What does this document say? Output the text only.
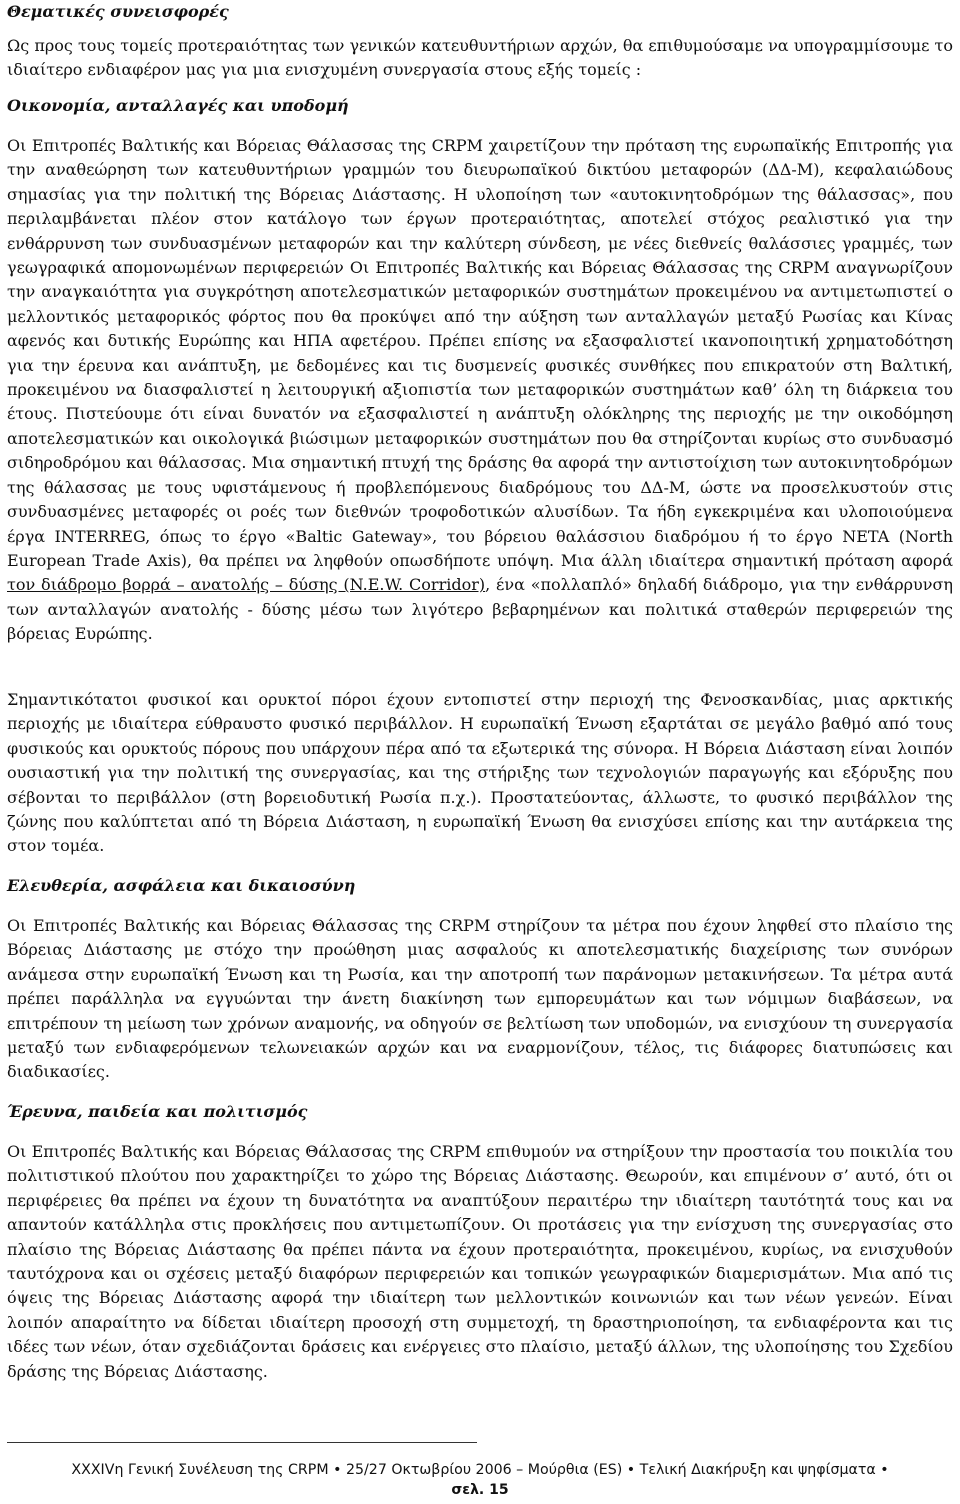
Θεματικές συνεισφορές

Ως προς τους τομείς προτεραιότητας των γενικών κατευθυντήριων αρχών, θα επιθυμούσαμε να υπογραμμίσουμε το ιδιαίτερο ενδιαφέρον μας για μια ενισχυμένη συνεργασία στους εξής τομείς :

Οικονομία, ανταλλαγές και υποδομή

Οι Επιτροπές Βαλτικής και Βόρειας Θάλασσας της CRPM χαιρετίζουν την πρόταση της ευρωπαϊκής Επιτροπής για την αναθεώρηση των κατευθυντήριων γραμμών του διευρωπαϊκού δικτύου μεταφορών (ΔΔ-Μ), κεφαλαιώδους σημασίας για την πολιτική της Βόρειας Διάστασης. Η υλοποίηση των «αυτοκινητοδρόμων της θάλασσας», που περιλαμβάνεται πλέον στον κατάλογο των έργων προτεραιότητας, αποτελεί στόχος ρεαλιστικό για την ενθάρρυνση των συνδυασμένων μεταφορών και την καλύτερη σύνδεση, με νέες διεθνείς θαλάσσιες γραμμές, των γεωγραφικά απομονωμένων περιφερειών Οι Επιτροπές Βαλτικής και Βόρειας Θάλασσας της CRPM αναγνωρίζουν την αναγκαιότητα για συγκρότηση αποτελεσματικών μεταφορικών συστημάτων προκειμένου να αντιμετωπιστεί ο μελλοντικός μεταφορικός φόρτος που θα προκύψει από την αύξηση των ανταλλαγών μεταξύ Ρωσίας και Κίνας αφενός και δυτικής Ευρώπης και ΗΠΑ αφετέρου. Πρέπει επίσης να εξασφαλιστεί ικανοποιητική χρηματοδότηση για την έρευνα και ανάπτυξη, με δεδομένες και τις δυσμενείς φυσικές συνθήκες που επικρατούν στη Βαλτική, προκειμένου να διασφαλιστεί η λειτουργική αξιοπιστία των μεταφορικών συστημάτων καθ’ όλη τη διάρκεια του έτους. Πιστεύουμε ότι είναι δυνατόν να εξασφαλιστεί η ανάπτυξη ολόκληρης της περιοχής με την οικοδόμηση αποτελεσματικών και οικολογικά βιώσιμων μεταφορικών συστημάτων που θα στηρίζονται κυρίως στο συνδυασμό σιδηροδρόμου και θάλασσας. Μια σημαντική πτυχή της δράσης θα αφορά την αντιστοίχιση των αυτοκινητοδρόμων της θάλασσας με τους υφιστάμενους ή προβλεπόμενους διαδρόμους του ΔΔ-Μ, ώστε να προσελκυστούν στις συνδυασμένες μεταφορές οι ροές των διεθνών τροφοδοτικών αλυσίδων. Τα ήδη εγκεκριμένα και υλοποιούμενα έργα INTERREG, όπως το έργο «Baltic Gateway», του βόρειου θαλάσσιου διαδρόμου ή το έργο NETA (North European Trade Axis), θα πρέπει να ληφθούν οπωσδήποτε υπόψη. Μια άλλη ιδιαίτερα σημαντική πρόταση αφορά τον διάδρομο βορρά – ανατολής – δύσης (N.E.W. Corridor), ένα «πολλαπλό» δηλαδή διάδρομο, για την ενθάρρυνση των ανταλλαγών ανατολής - δύσης μέσω των λιγότερο βεβαρημένων και πολιτικά σταθερών περιφερειών της βόρειας Ευρώπης.

Σημαντικότατοι φυσικοί και ορυκτοί πόροι έχουν εντοπιστεί στην περιοχή της Φενοσκανδίας, μιας αρκτικής περιοχής με ιδιαίτερα εύθραυστο φυσικό περιβάλλον. Η ευρωπαϊκή Ένωση εξαρτάται σε μεγάλο βαθμό από τους φυσικούς και ορυκτούς πόρους που υπάρχουν πέρα από τα εξωτερικά της σύνορα. Η Βόρεια Διάσταση είναι λοιπόν ουσιαστική για την πολιτική της συνεργασίας, και της στήριξης των τεχνολογιών παραγωγής και εξόρυξης που σέβονται το περιβάλλον (στη βορειοδυτική Ρωσία π.χ.). Προστατεύοντας, άλλωστε, το φυσικό περιβάλλον της ζώνης που καλύπτεται από τη Βόρεια Διάσταση, η ευρωπαϊκή Ένωση θα ενισχύσει επίσης και την αυτάρκεια της στον τομέα.

Ελευθερία, ασφάλεια και δικαιοσύνη

Οι Επιτροπές Βαλτικής και Βόρειας Θάλασσας της CRPM στηρίζουν τα μέτρα που έχουν ληφθεί στο πλαίσιο της Βόρειας Διάστασης με στόχο την προώθηση μιας ασφαλούς κι αποτελεσματικής διαχείρισης των συνόρων ανάμεσα στην ευρωπαϊκή Ένωση και τη Ρωσία, και την αποτροπή των παράνομων μετακινήσεων. Τα μέτρα αυτά πρέπει παράλληλα να εγγυώνται την άνετη διακίνηση των εμπορευμάτων και των νόμιμων διαβάσεων, να επιτρέπουν τη μείωση των χρόνων αναμονής, να οδηγούν σε βελτίωση των υποδομών, να ενισχύουν τη συνεργασία μεταξύ των ενδιαφερόμενων τελωνειακών αρχών και να εναρμονίζουν, τέλος, τις διάφορες διατυπώσεις και διαδικασίες.

Έρευνα, παιδεία και πολιτισμός

Οι Επιτροπές Βαλτικής και Βόρειας Θάλασσας της CRPM επιθυμούν να στηρίξουν την προστασία του ποικιλία του πολιτιστικού πλούτου που χαρακτηρίζει το χώρο της Βόρειας Διάστασης. Θεωρούν, και επιμένουν σ’ αυτό, ότι οι περιφέρειες θα πρέπει να έχουν τη δυνατότητα να αναπτύξουν περαιτέρω την ιδιαίτερη ταυτότητά τους και να απαντούν κατάλληλα στις προκλήσεις που αντιμετωπίζουν. Οι προτάσεις για την ενίσχυση της συνεργασίας στο πλαίσιο της Βόρειας Διάστασης θα πρέπει πάντα να έχουν προτεραιότητα, προκειμένου, κυρίως, να ενισχυθούν ταυτόχρονα και οι σχέσεις μεταξύ διαφόρων περιφερειών και τοπικών γεωγραφικών διαμερισμάτων. Μια από τις όψεις της Βόρειας Διάστασης αφορά την ιδιαίτερη των μελλοντικών κοινωνιών και των νέων γενεών. Είναι λοιπόν απαραίτητο να δίδεται ιδιαίτερη προσοχή στη συμμετοχή, τη δραστηριοποίηση, τα ενδιαφέροντα και τις ιδέες των νέων, όταν σχεδιάζονται δράσεις και ενέργειες στο πλαίσιο, μεταξύ άλλων, της υλοποίησης του Σχεδίου δράσης της Βόρειας Διάστασης.

XXXIVη Γενική Συνέλευση της CRPM • 25/27 Οκτωβρίου 2006 – Μούρθια (ES) • Τελική Διακήρυξη και ψηφίσματα •
σελ. 15
